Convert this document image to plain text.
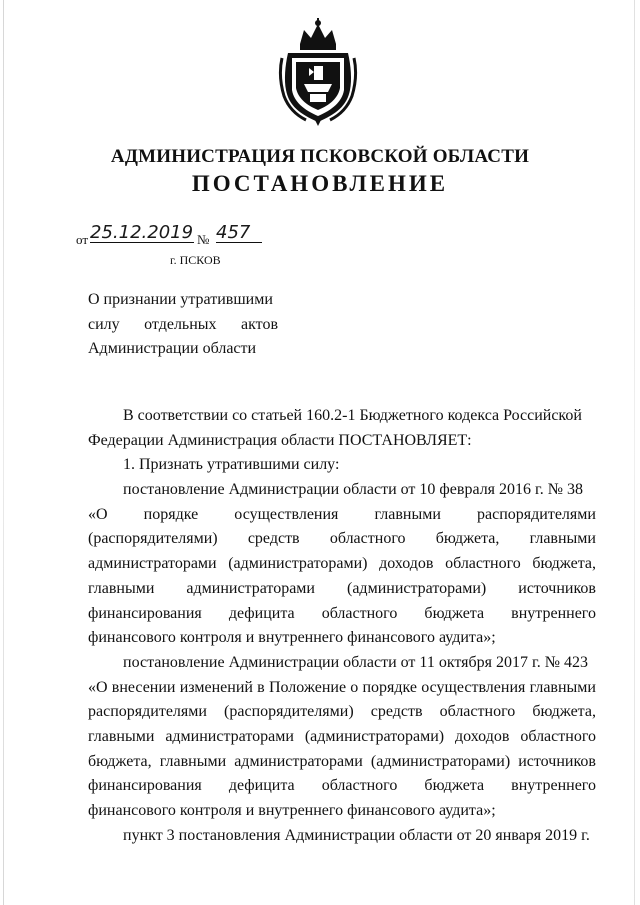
АДМИНИСТРАЦИЯ ПСКОВСКОЙ ОБЛАСТИ
ПОСТАНОВЛЕНИЕ
от 25.12.2019 № 457
г. ПСКОВ
О признании утратившими
силу отдельных актов
Администрации области
В соответствии со статьей 160.2-1 Бюджетного кодекса Российской
Федерации Администрация области ПОСТАНОВЛЯЕТ:
1. Признать утратившими силу:
постановление Администрации области от 10 февраля 2016 г. № 38
«О порядке осуществления главными распорядителями
(распорядителями) средств областного бюджета, главными
администраторами (администраторами) доходов областного бюджета,
главными администраторами (администраторами) источников
финансирования дефицита областного бюджета внутреннего
финансового контроля и внутреннего финансового аудита»;
постановление Администрации области от 11 октября 2017 г. № 423
«О внесении изменений в Положение о порядке осуществления главными
распорядителями (распорядителями) средств областного бюджета,
главными администраторами (администраторами) доходов областного
бюджета, главными администраторами (администраторами) источников
финансирования дефицита областного бюджета внутреннего
финансового контроля и внутреннего финансового аудита»;
пункт 3 постановления Администрации области от 20 января 2019 г.
